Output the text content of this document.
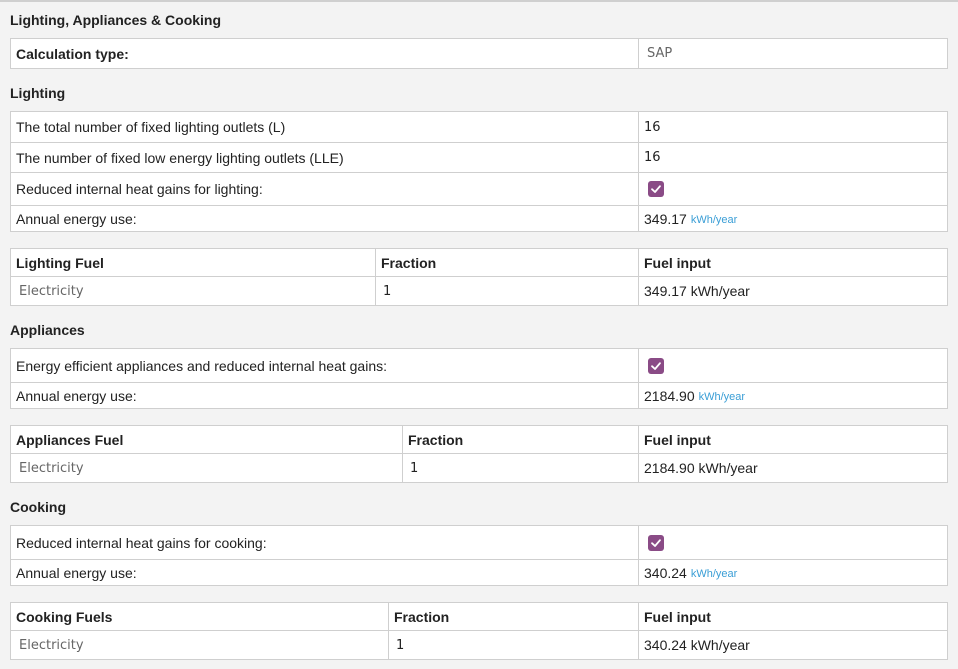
Lighting, Appliances & Cooking
Calculation type:	SAP
Lighting
The total number of fixed lighting outlets (L)	16
The number of fixed low energy lighting outlets (LLE)	16
Reduced internal heat gains for lighting:
Annual energy use:	349.17 kWh/year
Lighting Fuel	Fraction	Fuel input
Electricity	1	349.17 kWh/year
Appliances
Energy efficient appliances and reduced internal heat gains:
Annual energy use:	2184.90 kWh/year
Appliances Fuel	Fraction	Fuel input
Electricity	1	2184.90 kWh/year
Cooking
Reduced internal heat gains for cooking:
Annual energy use:	340.24 kWh/year
Cooking Fuels	Fraction	Fuel input
Electricity	1	340.24 kWh/year
